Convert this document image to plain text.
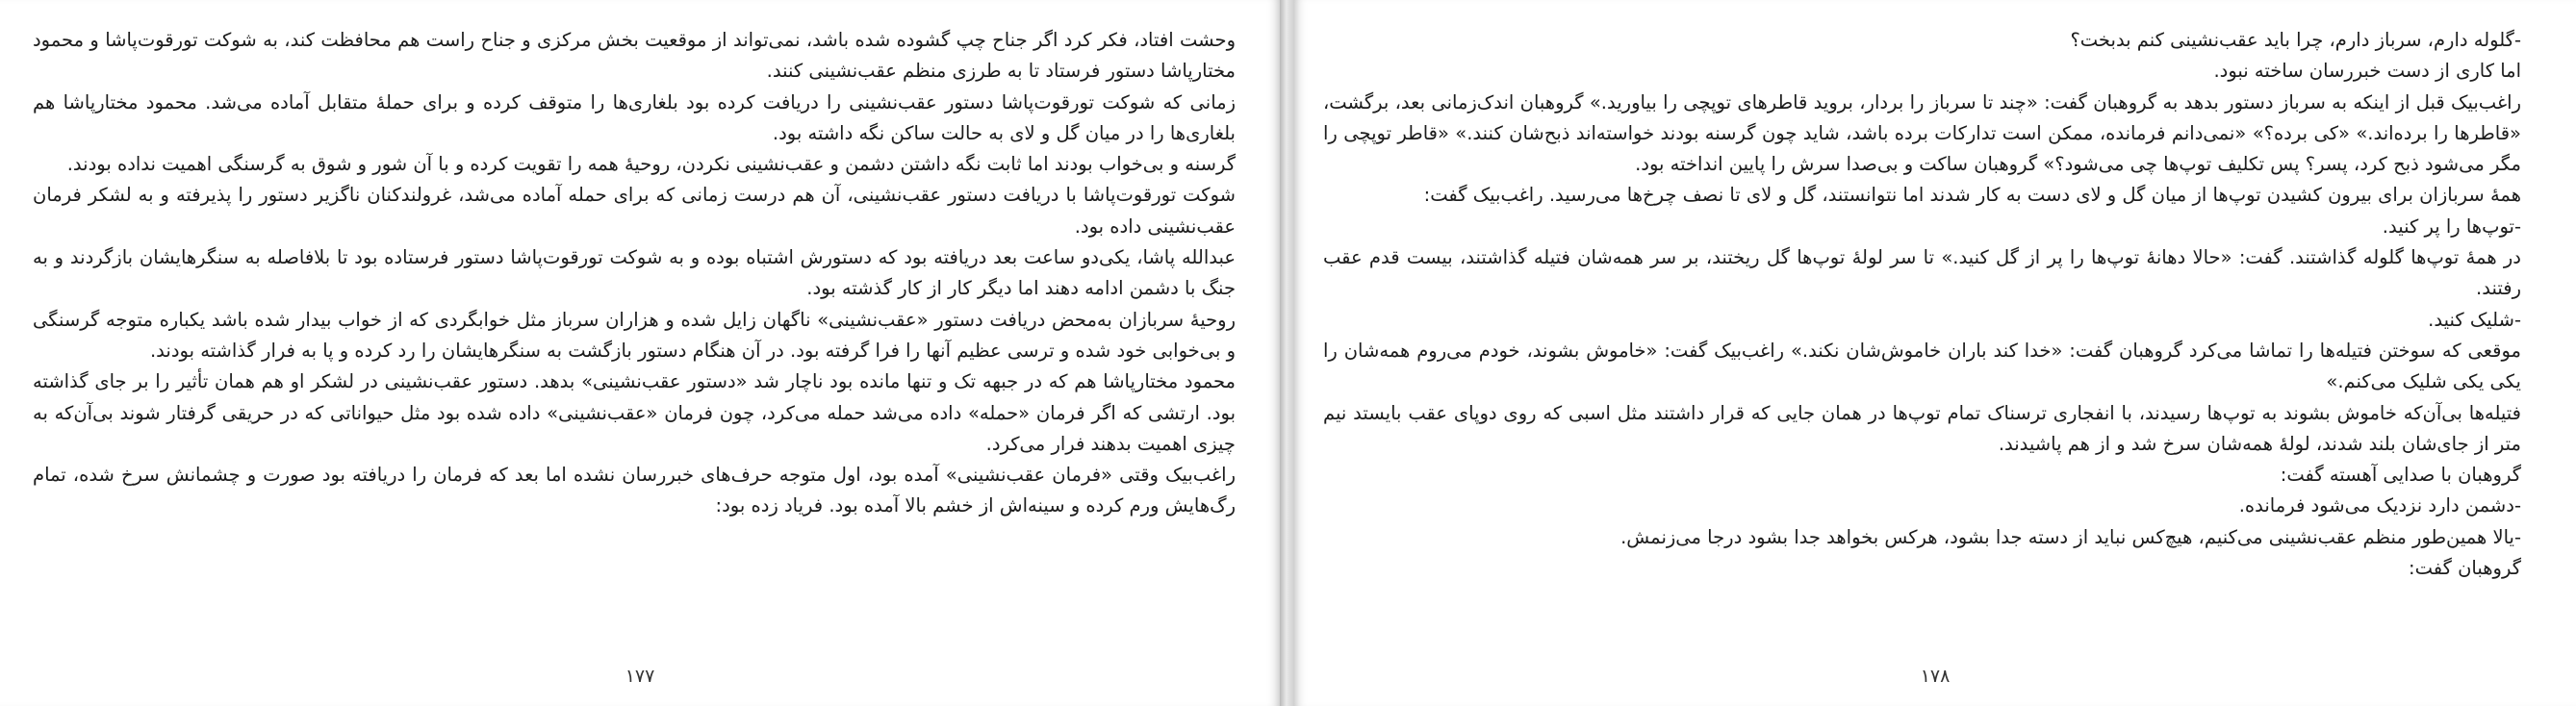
وحشت افتاد، فکر کرد اگر جناح چپ گشوده شده باشد، نمی‌تواند از موقعیت بخش مرکزی و جناح راست هم محافظت کند، به شوکت تورقوت‌پاشا و محمود مختارپاشا دستور فرستاد تا به طرزی منظم عقب‌نشینی کنند.

زمانی که شوکت تورقوت‌پاشا دستور عقب‌نشینی را دریافت کرده بود بلغاری‌ها را متوقف کرده و برای حملهٔ متقابل آماده می‌شد. محمود مختارپاشا هم بلغاری‌ها را در میان گل و لای به حالت ساکن نگه داشته بود.

گرسنه و بی‌خواب بودند اما ثابت نگه داشتن دشمن و عقب‌نشینی نکردن، روحیهٔ همه را تقویت کرده و با آن شور و شوق به گرسنگی اهمیت نداده بودند.

شوکت تورقوت‌پاشا با دریافت دستور عقب‌نشینی، آن هم درست زمانی که برای حمله آماده می‌شد، غرولندکنان ناگزیر دستور را پذیرفته و به لشکر فرمان عقب‌نشینی داده بود.

عبدالله پاشا، یکی‌دو ساعت بعد دریافته بود که دستورش اشتباه بوده و به شوکت تورقوت‌پاشا دستور فرستاده بود تا بلافاصله به سنگرهایشان بازگردند و به جنگ با دشمن ادامه دهند اما دیگر کار از کار گذشته بود.

روحیهٔ سربازان به‌محض دریافت دستور «عقب‌نشینی» ناگهان زایل شده و هزاران سرباز مثل خوابگردی که از خواب بیدار شده باشد یکباره متوجه گرسنگی و بی‌خوابی خود شده و ترسی عظیم آنها را فرا گرفته بود. در آن هنگام دستور بازگشت به سنگرهایشان را رد کرده و پا به فرار گذاشته بودند.

محمود مختارپاشا هم که در جبهه تک و تنها مانده بود ناچار شد «دستور عقب‌نشینی» بدهد. دستور عقب‌نشینی در لشکر او هم همان تأثیر را بر جای گذاشته بود. ارتشی که اگر فرمان «حمله» داده می‌شد حمله می‌کرد، چون فرمان «عقب‌نشینی» داده شده بود مثل حیواناتی که در حریقی گرفتار شوند بی‌آن‌که به چیزی اهمیت بدهند فرار می‌کرد.

راغب‌بیک وقتی «فرمان عقب‌نشینی» آمده بود، اول متوجه حرف‌های خبررسان نشده اما بعد که فرمان را دریافته بود صورت و چشمانش سرخ شده، تمام رگ‌هایش ورم کرده و سینه‌اش از خشم بالا آمده بود. فریاد زده بود:

۱۷۷

-گلوله دارم، سرباز دارم، چرا باید عقب‌نشینی کنم بدبخت؟

اما کاری از دست خبررسان ساخته نبود.

راغب‌بیک قبل از اینکه به سرباز دستور بدهد به گروهبان گفت: «چند تا سرباز را بردار، بروید قاطرهای توپچی را بیاورید.» گروهبان اندک‌زمانی بعد، برگشت، «قاطرها را برده‌اند.» «کی برده؟» «نمی‌دانم فرمانده، ممکن است تدارکات برده باشد، شاید چون گرسنه بودند خواسته‌اند ذبح‌شان کنند.» «قاطر توپچی را مگر می‌شود ذبح کرد، پسر؟ پس تکلیف توپ‌ها چی می‌شود؟» گروهبان ساکت و بی‌صدا سرش را پایین انداخته بود.

همهٔ سربازان برای بیرون کشیدن توپ‌ها از میان گل و لای دست به کار شدند اما نتوانستند، گل و لای تا نصف چرخ‌ها می‌رسید. راغب‌بیک گفت:

-توپ‌ها را پر کنید.

در همهٔ توپ‌ها گلوله گذاشتند. گفت: «حالا دهانهٔ توپ‌ها را پر از گل کنید.» تا سر لولهٔ توپ‌ها گل ریختند، بر سر همه‌شان فتیله گذاشتند، بیست قدم عقب رفتند.

-شلیک کنید.

موقعی که سوختن فتیله‌ها را تماشا می‌کرد گروهبان گفت: «خدا کند باران خاموش‌شان نکند.» راغب‌بیک گفت: «خاموش بشوند، خودم می‌روم همه‌شان را یکی یکی شلیک می‌کنم.»

فتیله‌ها بی‌آن‌که خاموش بشوند به توپ‌ها رسیدند، با انفجاری ترسناک تمام توپ‌ها در همان جایی که قرار داشتند مثل اسبی که روی دوپای عقب بایستد نیم متر از جای‌شان بلند شدند، لولهٔ همه‌شان سرخ شد و از هم پاشیدند.

گروهبان با صدایی آهسته گفت:

-دشمن دارد نزدیک می‌شود فرمانده.

-یالا همین‌طور منظم عقب‌نشینی می‌کنیم، هیچ‌کس نباید از دسته جدا بشود، هرکس بخواهد جدا بشود درجا می‌زنمش.

گروهبان گفت:

۱۷۸
